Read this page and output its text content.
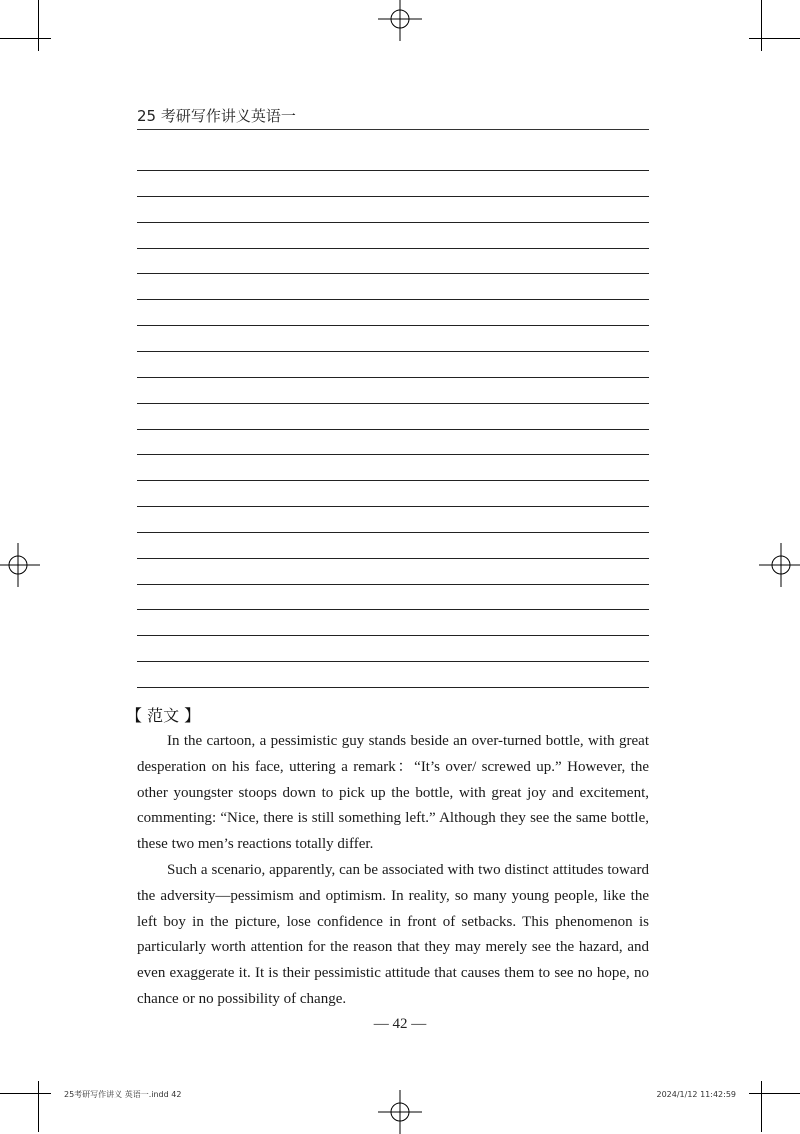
25 考研写作讲义英语一
【 范文 】

In the cartoon, a pessimistic guy stands beside an over-turned bottle, with great desperation on his face, uttering a remark：“It’s over/ screwed up.” However, the other youngster stoops down to pick up the bottle, with great joy and excitement, commenting: “Nice, there is still something left.” Although they see the same bottle, these two men’s reactions totally differ.

Such a scenario, apparently, can be associated with two distinct attitudes toward the adversity—pessimism and optimism. In reality, so many young people, like the left boy in the picture, lose confidence in front of setbacks. This phenomenon is particularly worth attention for the reason that they may merely see the hazard, and even exaggerate it. It is their pessimistic attitude that causes them to see no hope, no chance or no possibility of change.

— 42 —
25考研写作讲义 英语一.indd 42	2024/1/12 11:42:59
